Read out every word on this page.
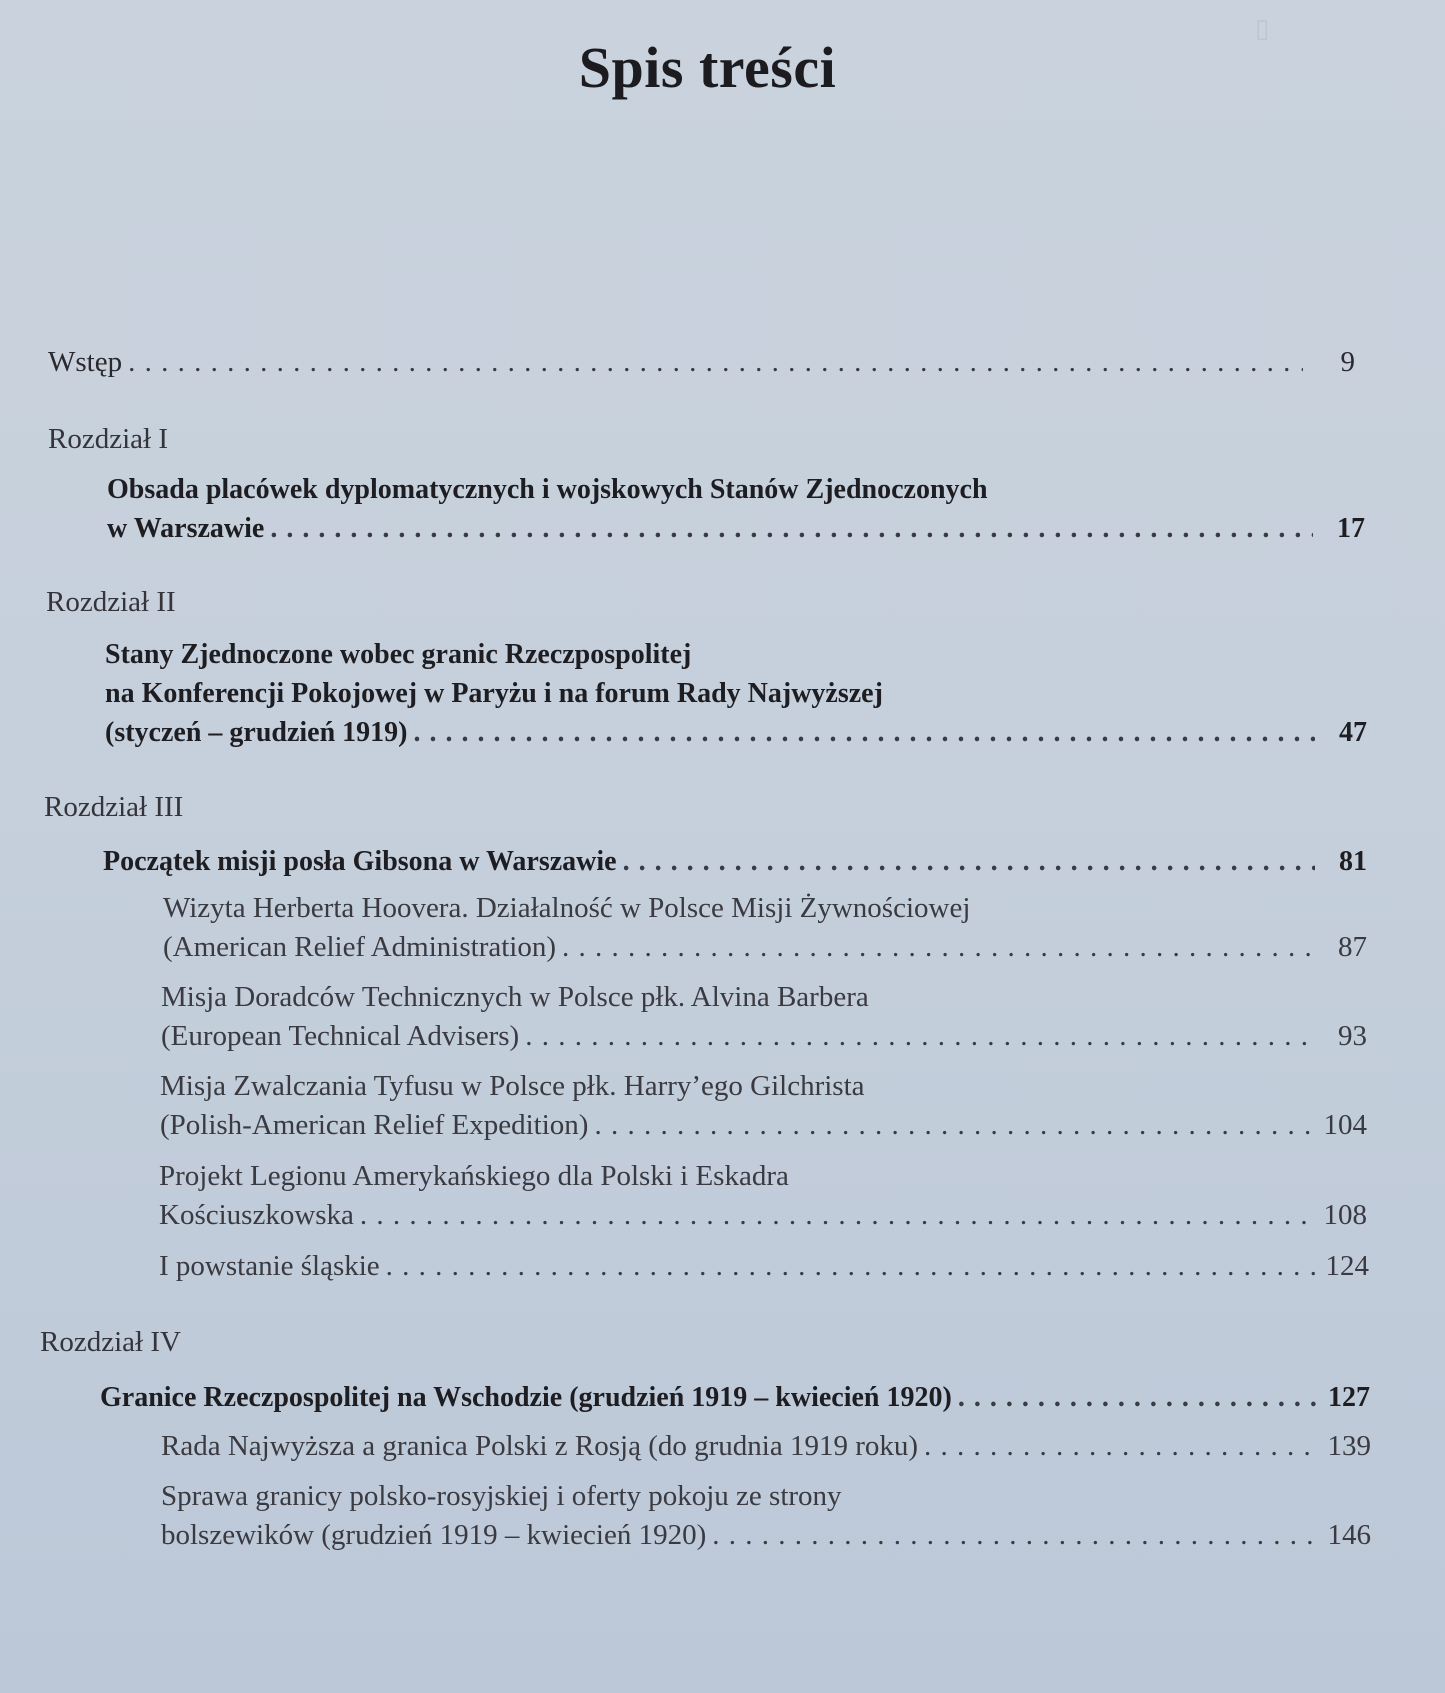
▯
Spis treści
Wstęp . . .	9
Rozdział I
Obsada placówek dyplomatycznych i wojskowych Stanów Zjednoczonych
w Warszawie . . .	17
Rozdział II
Stany Zjednoczone wobec granic Rzeczpospolitej
na Konferencji Pokojowej w Paryżu i na forum Rady Najwyższej
(styczeń – grudzień 1919) . . .	47
Rozdział III
Początek misji posła Gibsona w Warszawie . . .	81
Wizyta Herberta Hoovera. Działalność w Polsce Misji Żywnościowej
(American Relief Administration) . . .	87
Misja Doradców Technicznych w Polsce płk. Alvina Barbera
(European Technical Advisers) . . .	93
Misja Zwalczania Tyfusu w Polsce płk. Harry’ego Gilchrista
(Polish-American Relief Expedition) . . .	104
Projekt Legionu Amerykańskiego dla Polski i Eskadra
Kościuszkowska . . .	108
I powstanie śląskie . . .	124
Rozdział IV
Granice Rzeczpospolitej na Wschodzie (grudzień 1919 – kwiecień 1920) . . .	127
Rada Najwyższa a granica Polski z Rosją (do grudnia 1919 roku) . . .	139
Sprawa granicy polsko-rosyjskiej i oferty pokoju ze strony
bolszewików (grudzień 1919 – kwiecień 1920) . . .	146
